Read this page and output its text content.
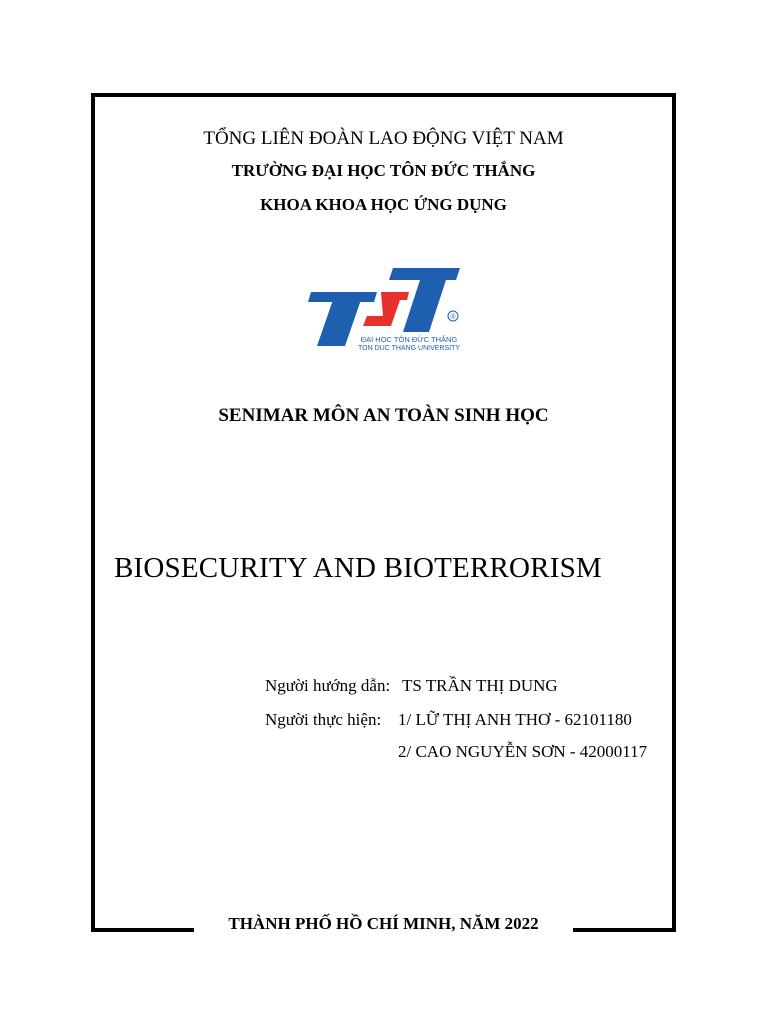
TỔNG LIÊN ĐOÀN LAO ĐỘNG VIỆT NAM
TRƯỜNG ĐẠI HỌC TÔN ĐỨC THẮNG
KHOA KHOA HỌC ỨNG DỤNG
®
ĐẠI HỌC TÔN ĐỨC THẮNG
TON DUC THANG UNIVERSITY
SENIMAR MÔN AN TOÀN SINH HỌC
BIOSECURITY AND BIOTERRORISM
Người hướng dẫn: TS TRẦN THỊ DUNG
Người thực hiện: 1/ LỮ THỊ ANH THƠ - 62101180
2/ CAO NGUYỄN SƠN - 42000117
THÀNH PHỐ HỒ CHÍ MINH, NĂM 2022
